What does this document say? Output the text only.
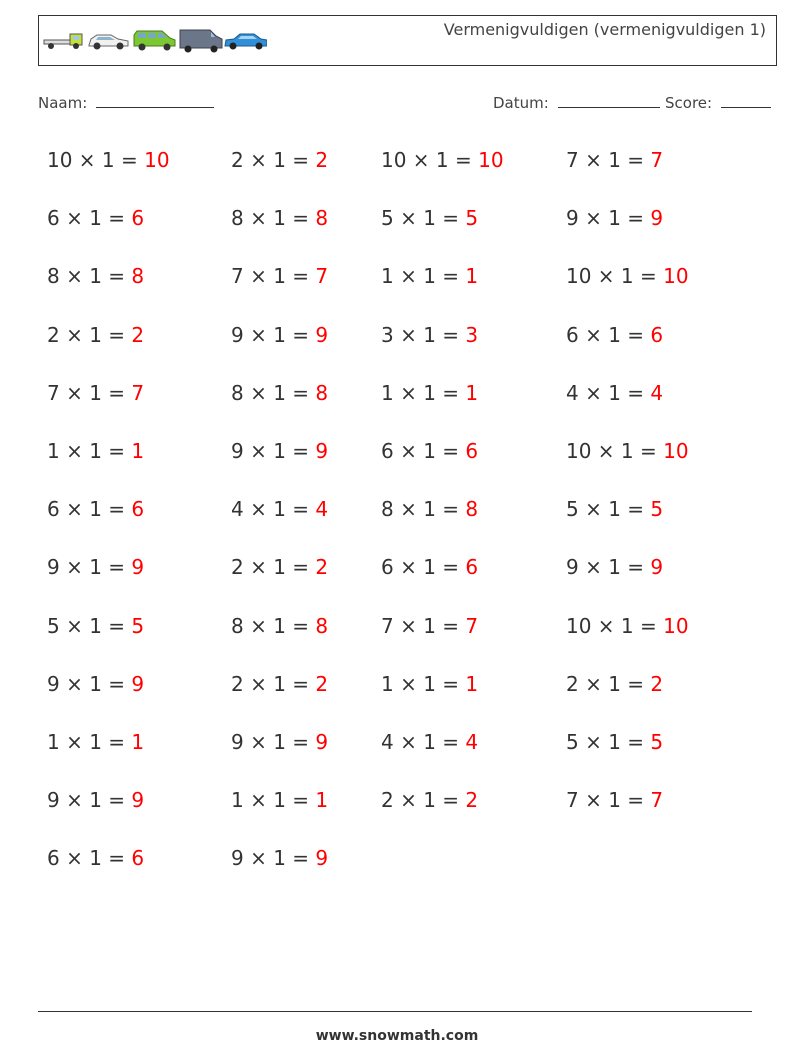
Vermenigvuldigen (vermenigvuldigen 1)
Naam:	Datum:	Score:
10 × 1 = 10
6 × 1 = 6
8 × 1 = 8
2 × 1 = 2
7 × 1 = 7
1 × 1 = 1
6 × 1 = 6
9 × 1 = 9
5 × 1 = 5
9 × 1 = 9
1 × 1 = 1
9 × 1 = 9
6 × 1 = 6
2 × 1 = 2
8 × 1 = 8
7 × 1 = 7
9 × 1 = 9
8 × 1 = 8
9 × 1 = 9
4 × 1 = 4
2 × 1 = 2
8 × 1 = 8
2 × 1 = 2
9 × 1 = 9
1 × 1 = 1
9 × 1 = 9
10 × 1 = 10
5 × 1 = 5
1 × 1 = 1
3 × 1 = 3
1 × 1 = 1
6 × 1 = 6
8 × 1 = 8
6 × 1 = 6
7 × 1 = 7
1 × 1 = 1
4 × 1 = 4
2 × 1 = 2
7 × 1 = 7
9 × 1 = 9
10 × 1 = 10
6 × 1 = 6
4 × 1 = 4
10 × 1 = 10
5 × 1 = 5
9 × 1 = 9
10 × 1 = 10
2 × 1 = 2
5 × 1 = 5
7 × 1 = 7
www.snowmath.com
